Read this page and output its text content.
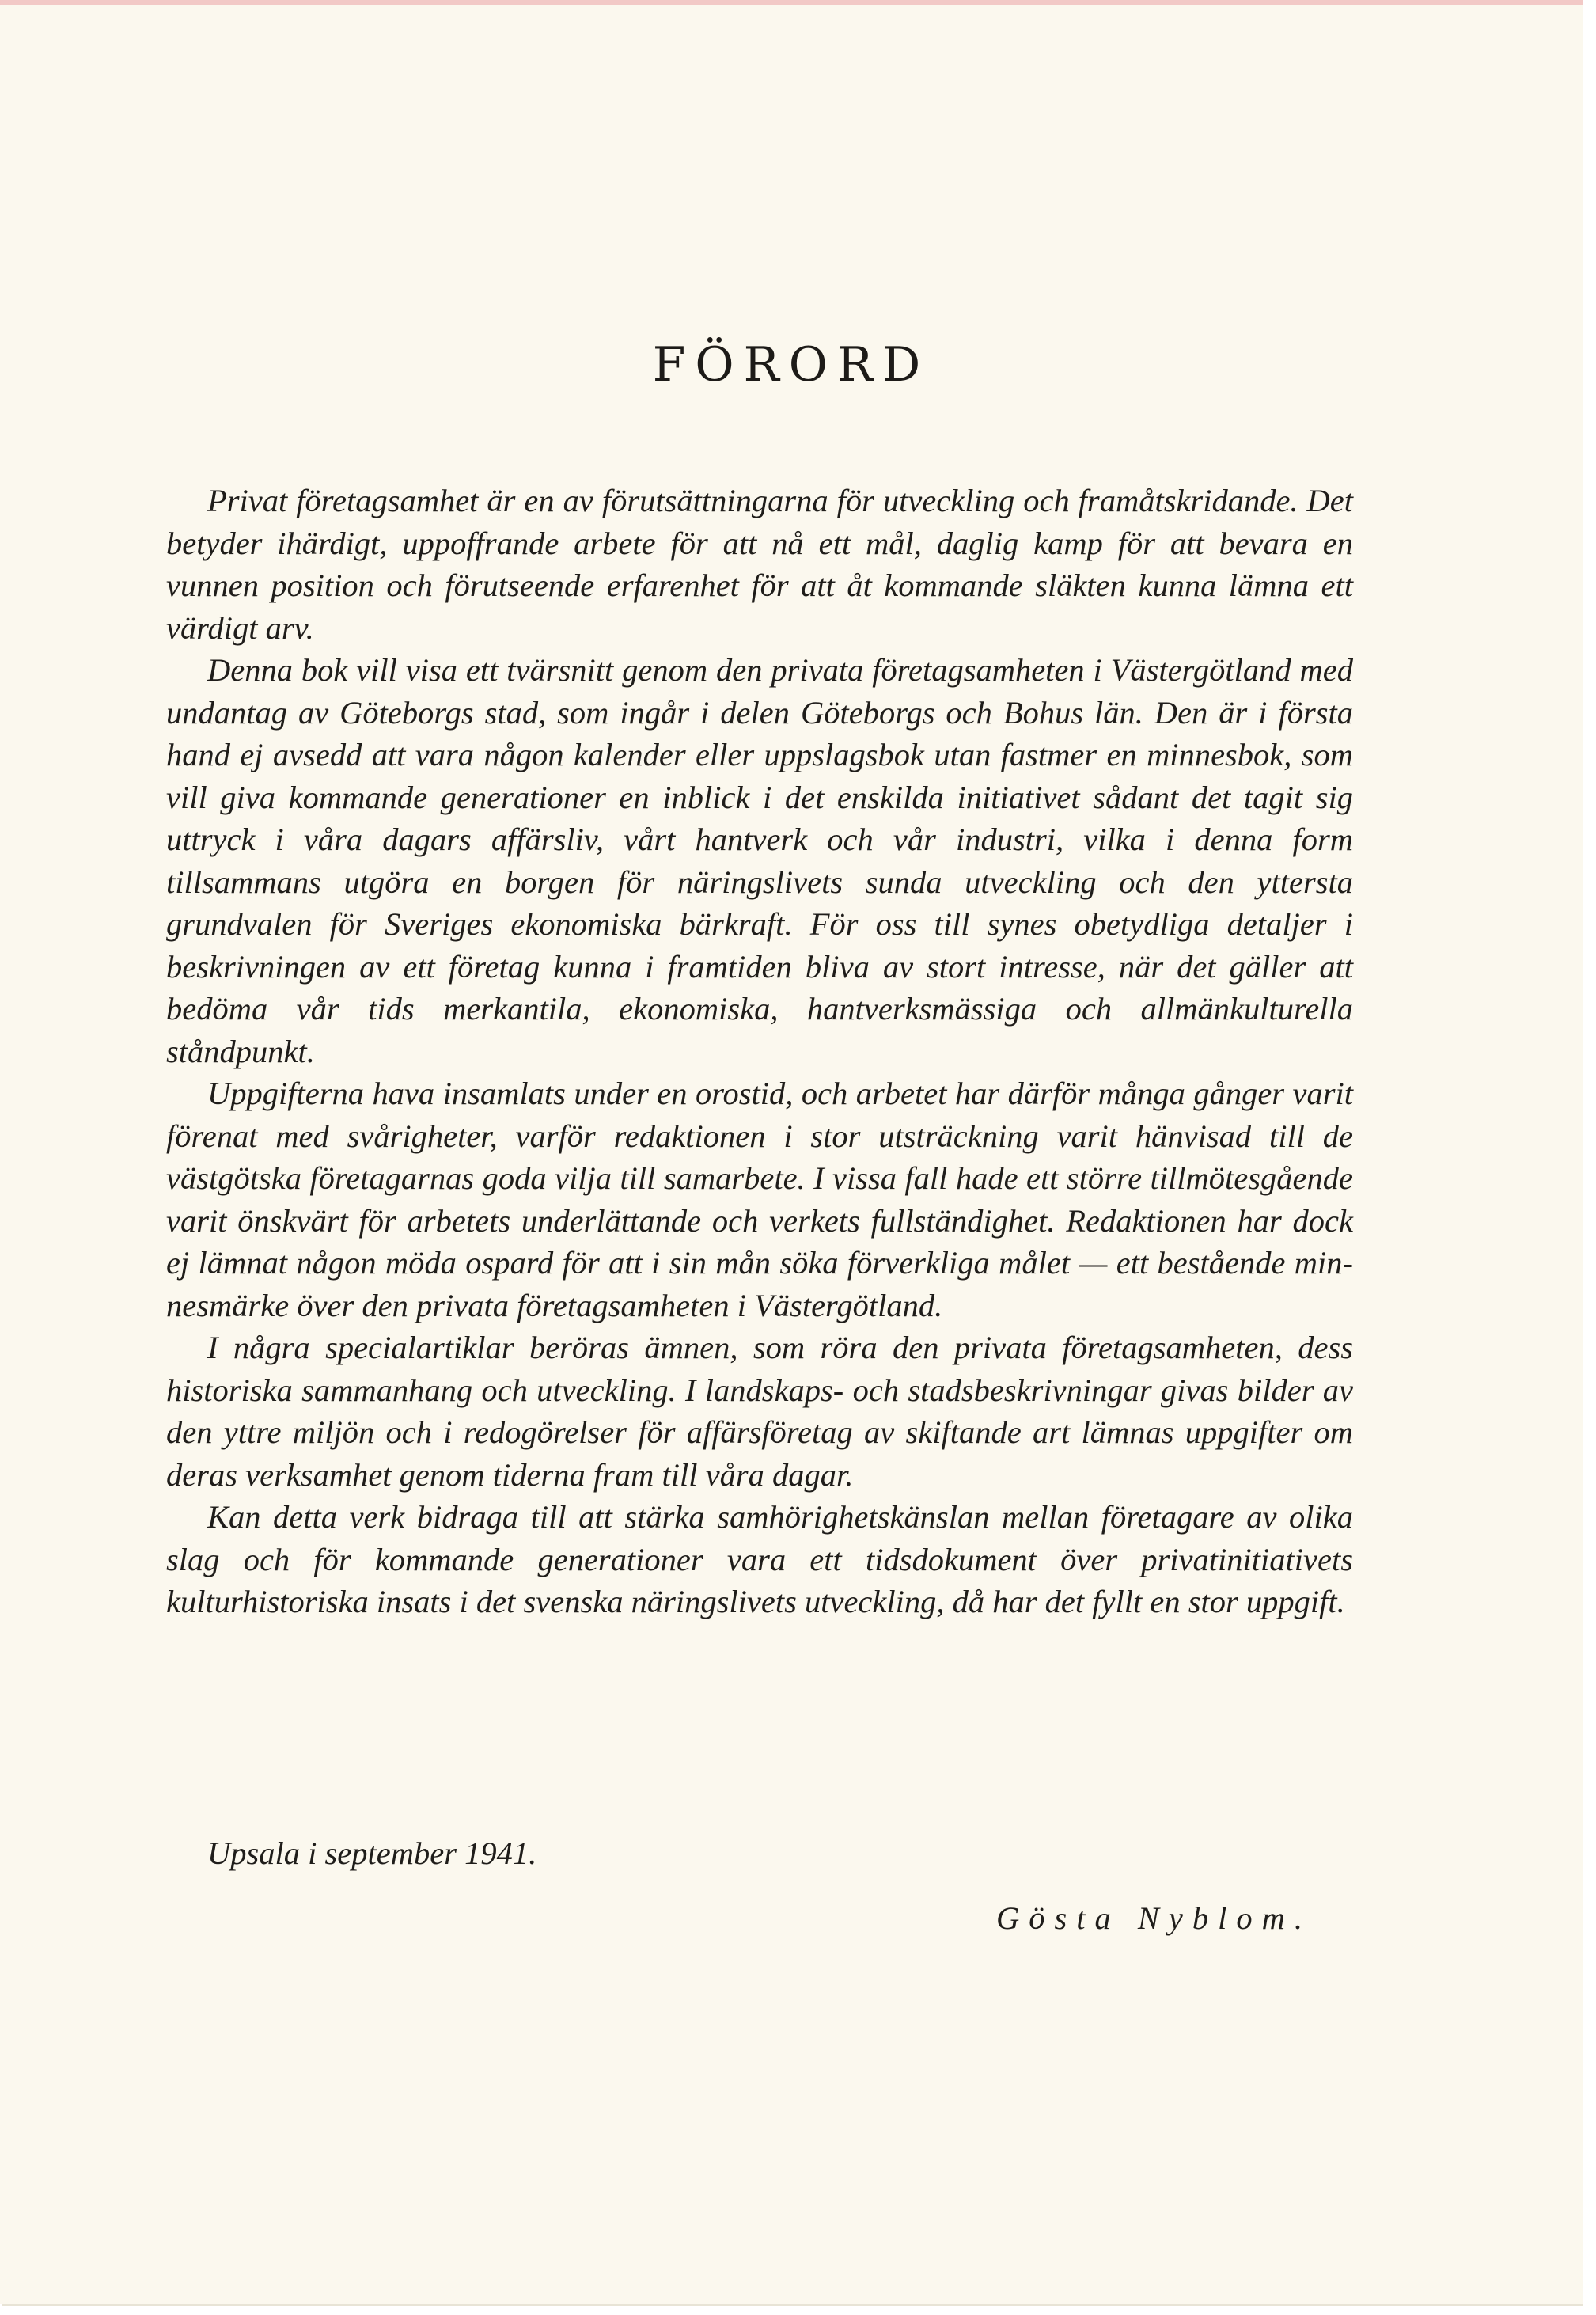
FÖRORD

Privat företagsamhet är en av förutsättningarna för utveckling och framåtskridande. Det betyder ihärdigt, uppoffrande arbete för att nå ett mål, daglig kamp för att bevara en vunnen position och förutseende erfarenhet för att åt kommande släkten kunna lämna ett värdigt arv.

Denna bok vill visa ett tvärsnitt genom den privata företagsamheten i Västergötland med undantag av Göteborgs stad, som ingår i delen Göteborgs och Bohus län. Den är i första hand ej avsedd att vara någon kalender eller uppslagsbok utan fastmer en minnesbok, som vill giva kommande generationer en inblick i det enskilda initiativet sådant det tagit sig uttryck i våra dagars affärsliv, vårt hantverk och vår industri, vilka i denna form tillsammans utgöra en borgen för näringslivets sunda utveckling och den yttersta grundvalen för Sveriges ekonomiska bärkraft. För oss till synes obetydliga detaljer i beskrivningen av ett företag kunna i framtiden bliva av stort intresse, när det gäller att bedöma vår tids merkantila, ekonomiska, hantverksmässiga och allmänkulturella ståndpunkt.

Uppgifterna hava insamlats under en orostid, och arbetet har därför många gånger varit förenat med svårigheter, varför redaktionen i stor utsträckning varit hänvisad till de västgötska företagarnas goda vilja till samarbete. I vissa fall hade ett större tillmötesgående varit önskvärt för arbetets underlättande och verkets fullständighet. Redaktionen har dock ej lämnat någon möda ospard för att i sin mån söka förverkliga målet — ett bestående minnesmärke över den privata företagsamheten i Västergötland.

I några specialartiklar beröras ämnen, som röra den privata företagsamheten, dess historiska sammanhang och utveckling. I landskaps- och stadsbeskrivningar givas bilder av den yttre miljön och i redogörelser för affärsföretag av skiftande art lämnas uppgifter om deras verksamhet genom tiderna fram till våra dagar.

Kan detta verk bidraga till att stärka samhörighetskänslan mellan företagare av olika slag och för kommande generationer vara ett tidsdokument över privatinitiativets kulturhistoriska insats i det svenska näringslivets utveckling, då har det fyllt en stor uppgift.

Upsala i september 1941.
Gösta Nyblom.
